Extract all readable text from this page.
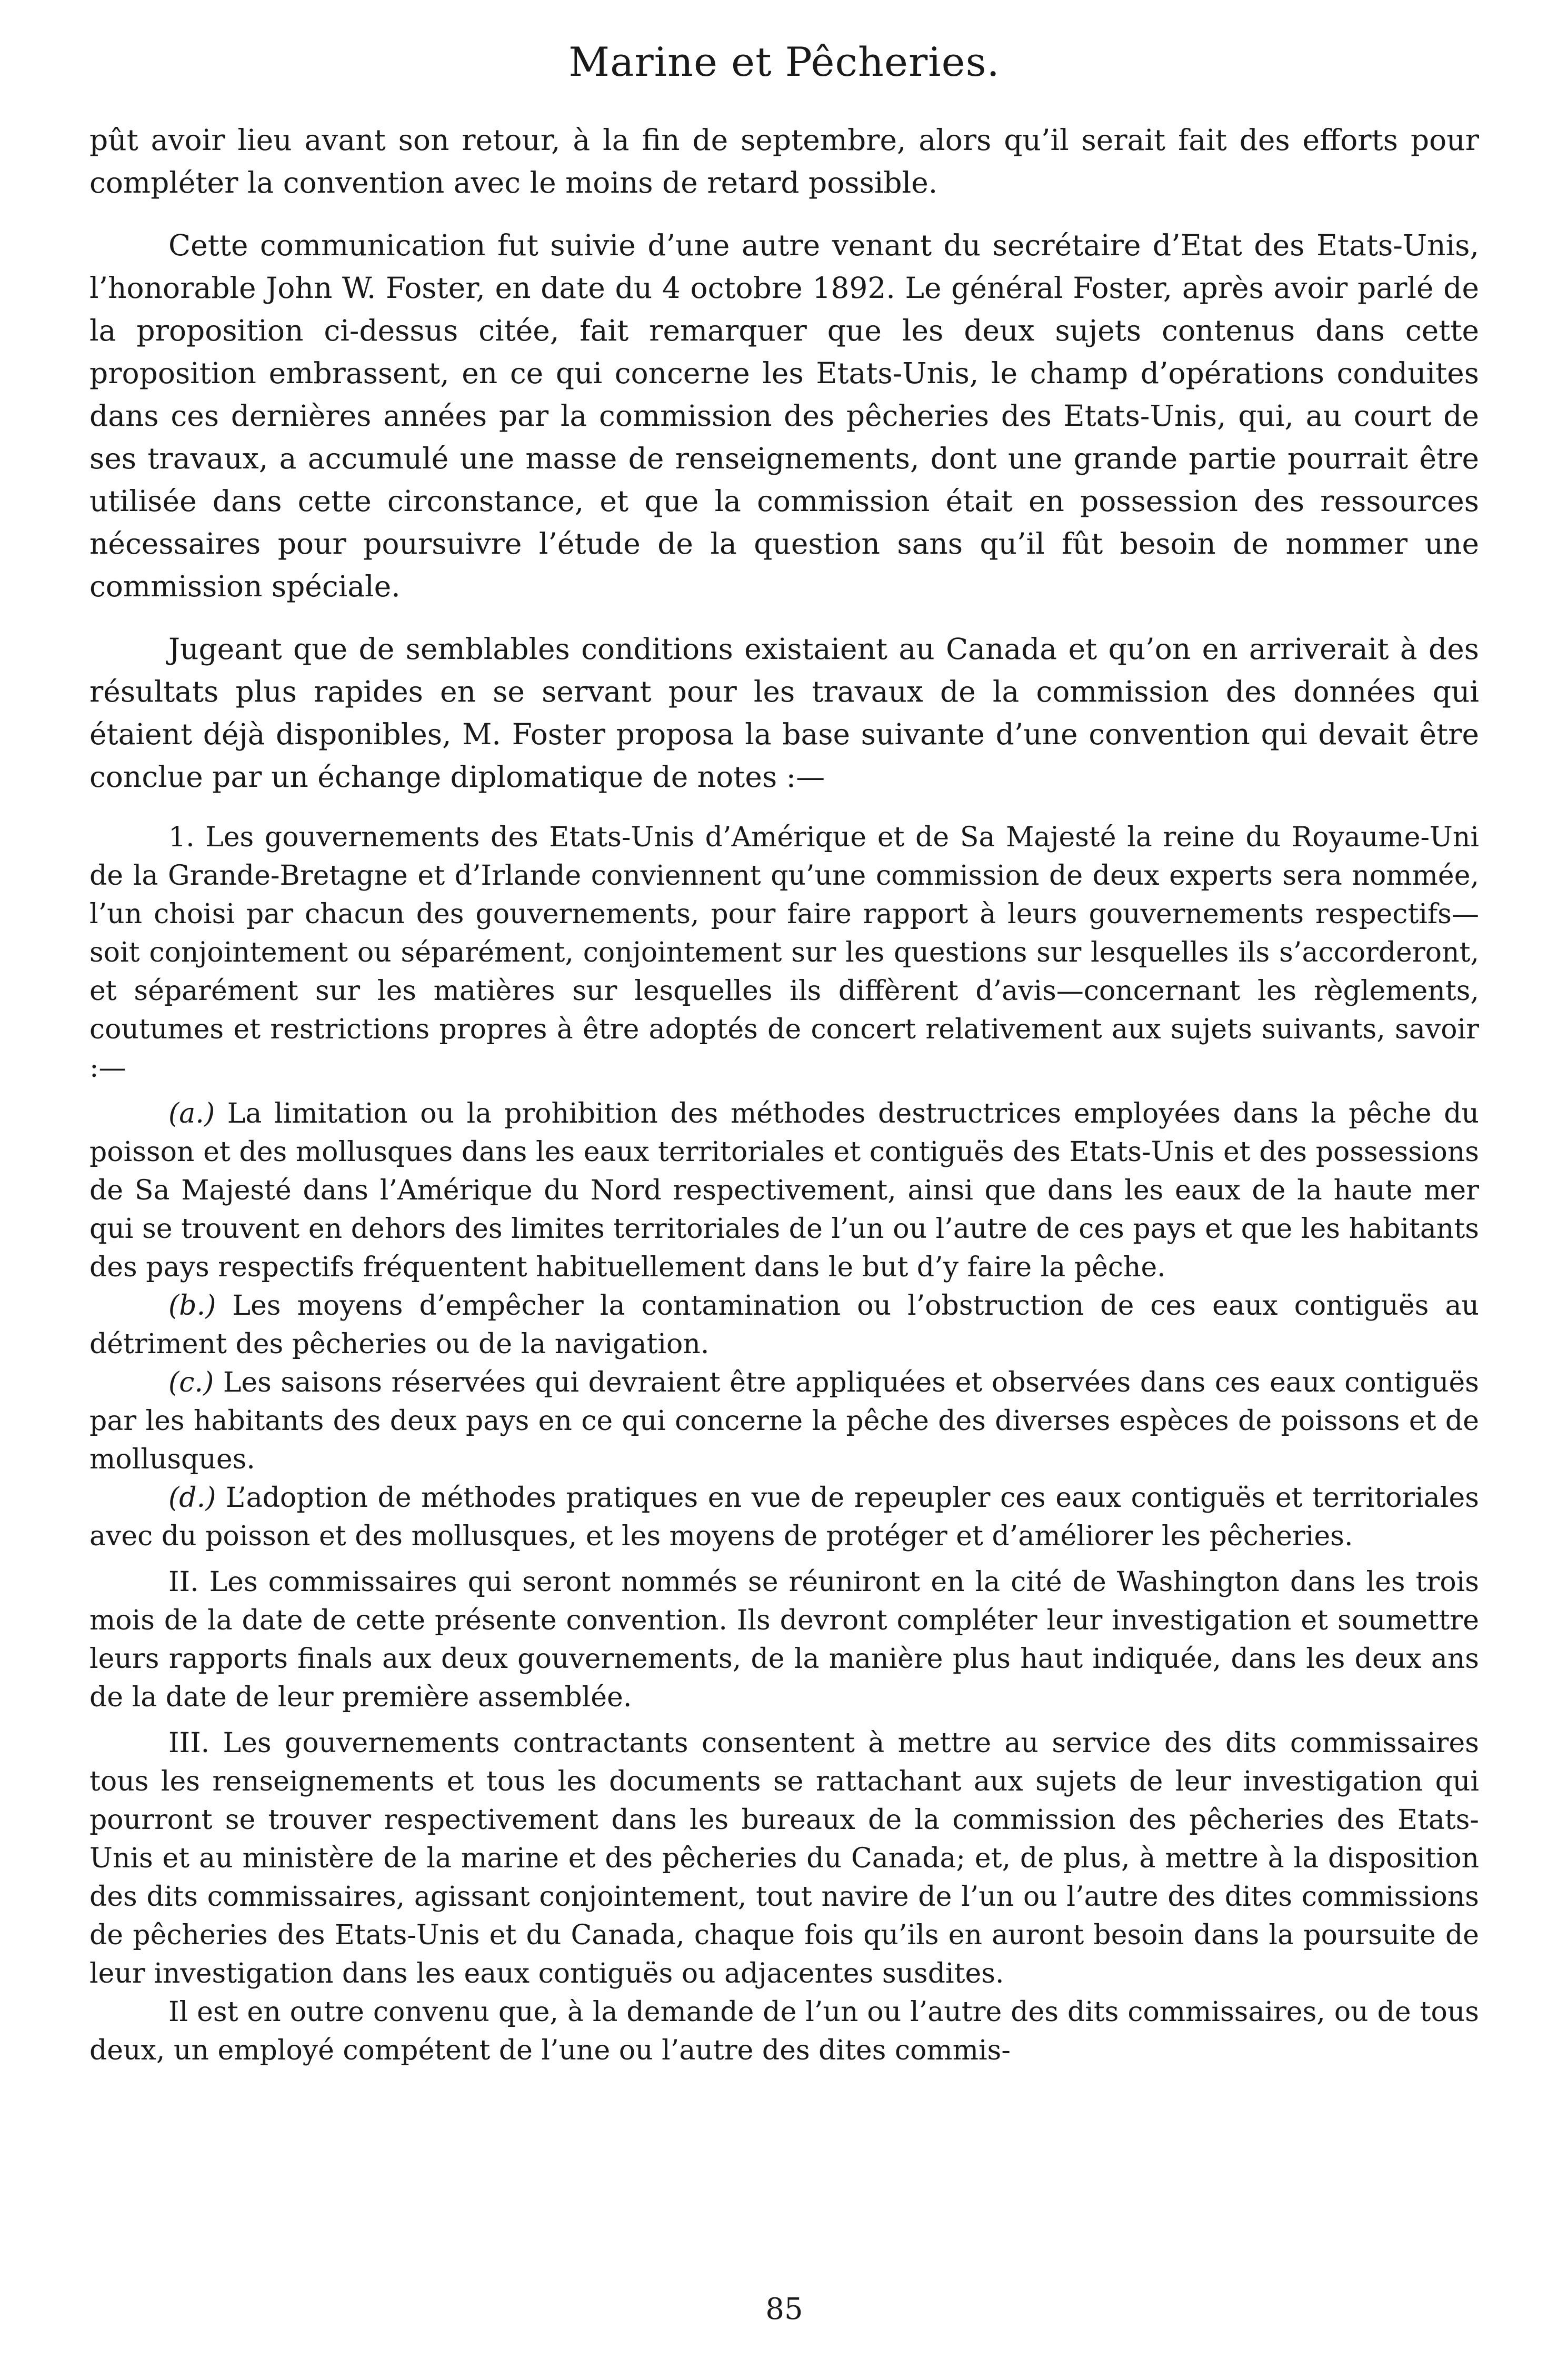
Marine et Pêcheries.

pût avoir lieu avant son retour, à la fin de septembre, alors qu’il serait fait des efforts pour compléter la convention avec le moins de retard possible.

Cette communication fut suivie d’une autre venant du secrétaire d’Etat des Etats-Unis, l’honorable John W. Foster, en date du 4 octobre 1892. Le général Foster, après avoir parlé de la proposition ci-dessus citée, fait remarquer que les deux sujets contenus dans cette proposition embrassent, en ce qui concerne les Etats-Unis, le champ d’opérations conduites dans ces dernières années par la commission des pêcheries des Etats-Unis, qui, au court de ses travaux, a accumulé une masse de renseignements, dont une grande partie pourrait être utilisée dans cette circonstance, et que la commission était en possession des ressources nécessaires pour poursuivre l’étude de la question sans qu’il fût besoin de nommer une commission spéciale.

Jugeant que de semblables conditions existaient au Canada et qu’on en arriverait à des résultats plus rapides en se servant pour les travaux de la commission des données qui étaient déjà disponibles, M. Foster proposa la base suivante d’une convention qui devait être conclue par un échange diplomatique de notes :—

1. Les gouvernements des Etats-Unis d’Amérique et de Sa Majesté la reine du Royaume-Uni de la Grande-Bretagne et d’Irlande conviennent qu’une commission de deux experts sera nommée, l’un choisi par chacun des gouvernements, pour faire rapport à leurs gouvernements respectifs—soit conjointement ou séparément, conjointement sur les questions sur lesquelles ils s’accorderont, et séparément sur les matières sur lesquelles ils diffèrent d’avis—concernant les règlements, coutumes et restrictions propres à être adoptés de concert relativement aux sujets suivants, savoir :—

(a.) La limitation ou la prohibition des méthodes destructrices employées dans la pêche du poisson et des mollusques dans les eaux territoriales et contiguës des Etats-Unis et des possessions de Sa Majesté dans l’Amérique du Nord respectivement, ainsi que dans les eaux de la haute mer qui se trouvent en dehors des limites territoriales de l’un ou l’autre de ces pays et que les habitants des pays respectifs fréquentent habituellement dans le but d’y faire la pêche.

(b.) Les moyens d’empêcher la contamination ou l’obstruction de ces eaux contiguës au détriment des pêcheries ou de la navigation.

(c.) Les saisons réservées qui devraient être appliquées et observées dans ces eaux contiguës par les habitants des deux pays en ce qui concerne la pêche des diverses espèces de poissons et de mollusques.

(d.) L’adoption de méthodes pratiques en vue de repeupler ces eaux contiguës et territoriales avec du poisson et des mollusques, et les moyens de protéger et d’améliorer les pêcheries.

II. Les commissaires qui seront nommés se réuniront en la cité de Washington dans les trois mois de la date de cette présente convention. Ils devront compléter leur investigation et soumettre leurs rapports finals aux deux gouvernements, de la manière plus haut indiquée, dans les deux ans de la date de leur première assemblée.

III. Les gouvernements contractants consentent à mettre au service des dits commissaires tous les renseignements et tous les documents se rattachant aux sujets de leur investigation qui pourront se trouver respectivement dans les bureaux de la commission des pêcheries des Etats-Unis et au ministère de la marine et des pêcheries du Canada; et, de plus, à mettre à la disposition des dits commissaires, agissant conjointement, tout navire de l’un ou l’autre des dites commissions de pêcheries des Etats-Unis et du Canada, chaque fois qu’ils en auront besoin dans la poursuite de leur investigation dans les eaux contiguës ou adjacentes susdites.

Il est en outre convenu que, à la demande de l’un ou l’autre des dits commissaires, ou de tous deux, un employé compétent de l’une ou l’autre des dites commis-

85
